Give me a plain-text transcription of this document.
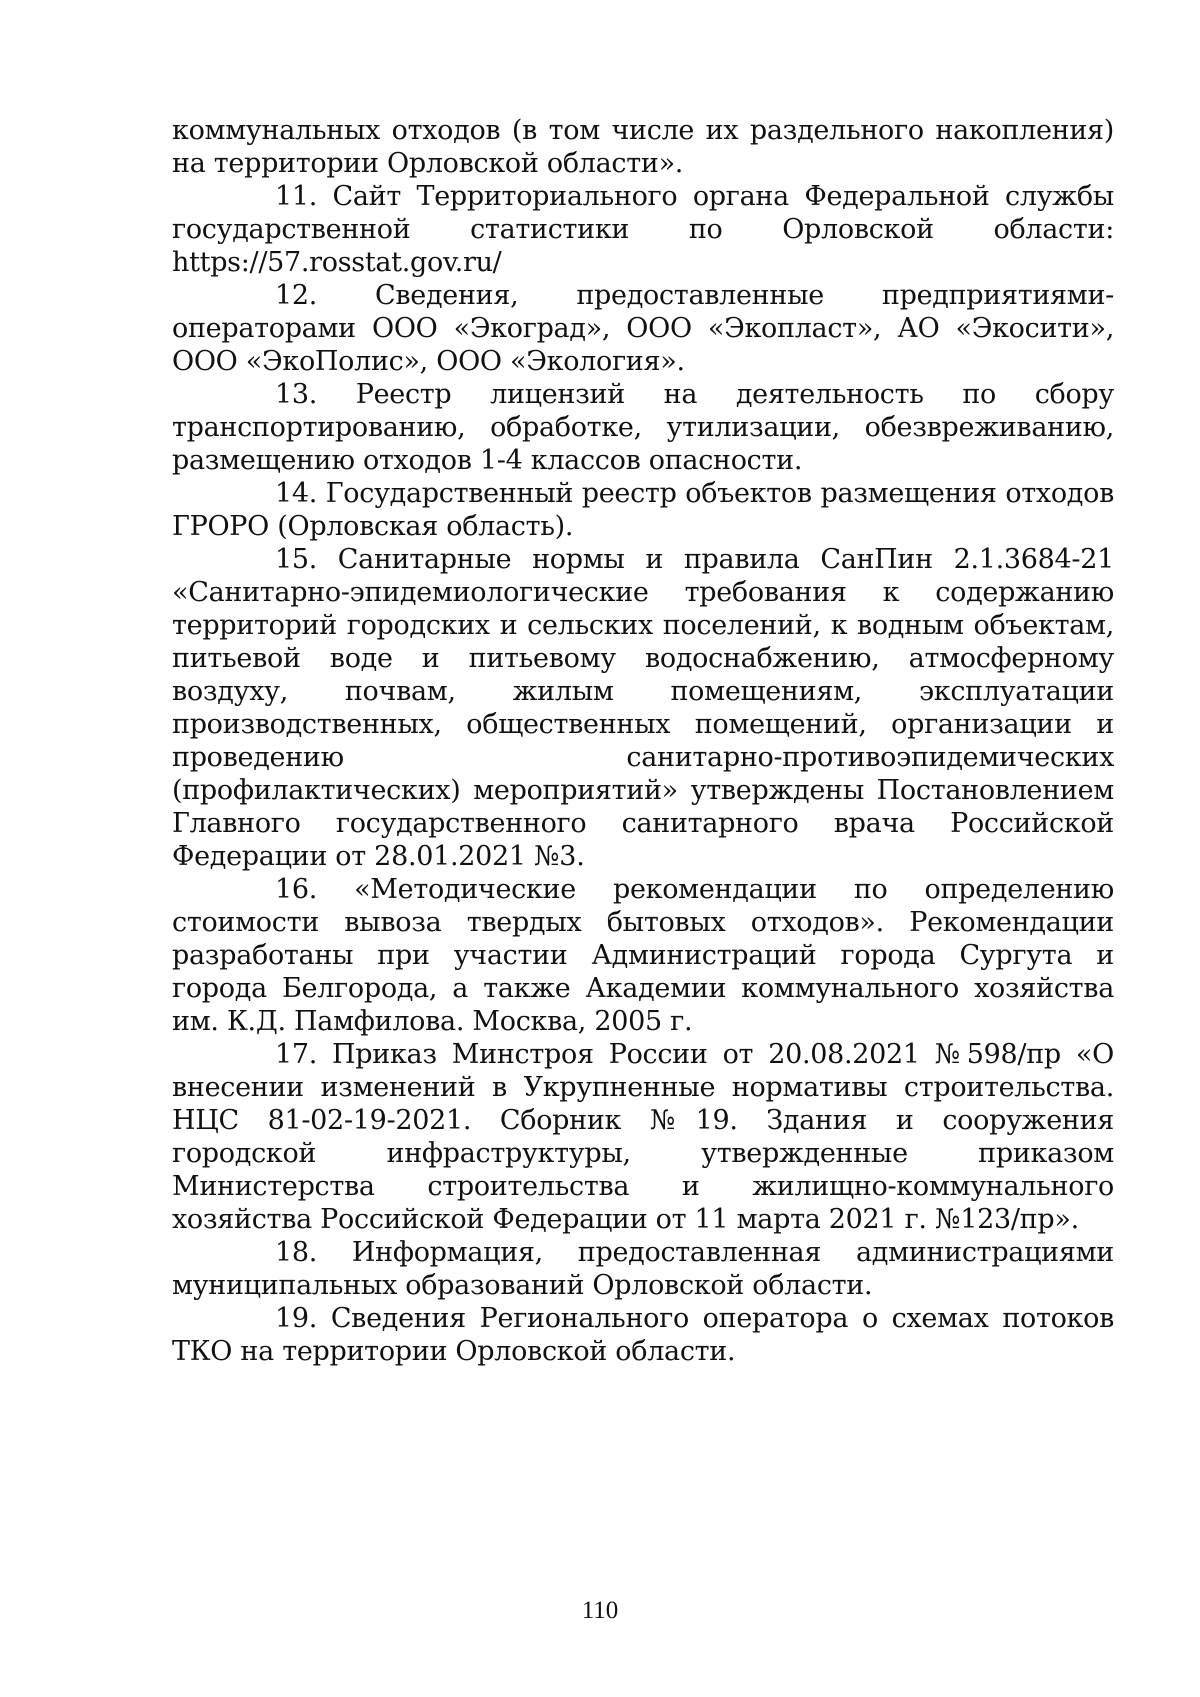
коммунальных отходов (в том числе их раздельного накопления) на территории Орловской области».

11. Сайт Территориального органа Федеральной службы государственной статистики по Орловской области: https://57.rosstat.gov.ru/

12. Сведения, предоставленные предприятиями-операторами ООО «Экоград», ООО «Экопласт», АО «Экосити», ООО «ЭкоПолис», ООО «Экология».

13. Реестр лицензий на деятельность по сбору транспортированию, обработке, утилизации, обезвреживанию, размещению отходов 1-4 классов опасности.

14. Государственный реестр объектов размещения отходов ГРОРО (Орловская область).

15. Санитарные нормы и правила СанПин 2.1.3684-21 «Санитарно-эпидемиологические требования к содержанию территорий городских и сельских поселений, к водным объектам, питьевой воде и питьевому водоснабжению, атмосферному воздуху, почвам, жилым помещениям, эксплуатации производственных, общественных помещений, организации и проведению санитарно-противоэпидемических (профилактических) мероприятий» утверждены Постановлением Главного государственного санитарного врача Российской Федерации от 28.01.2021 №3.

16. «Методические рекомендации по определению стоимости вывоза твердых бытовых отходов». Рекомендации разработаны при участии Администраций города Сургута и города Белгорода, а также Академии коммунального хозяйства им. К.Д. Памфилова. Москва, 2005 г.

17. Приказ Минстроя России от 20.08.2021 №598/пр «О внесении изменений в Укрупненные нормативы строительства. НЦС 81-02-19-2021. Сборник №19. Здания и сооружения городской инфраструктуры, утвержденные приказом Министерства строительства и жилищно-коммунального хозяйства Российской Федерации от 11 марта 2021 г. №123/пр».

18. Информация, предоставленная администрациями муниципальных образований Орловской области.

19. Сведения Регионального оператора о схемах потоков ТКО на территории Орловской области.

110
